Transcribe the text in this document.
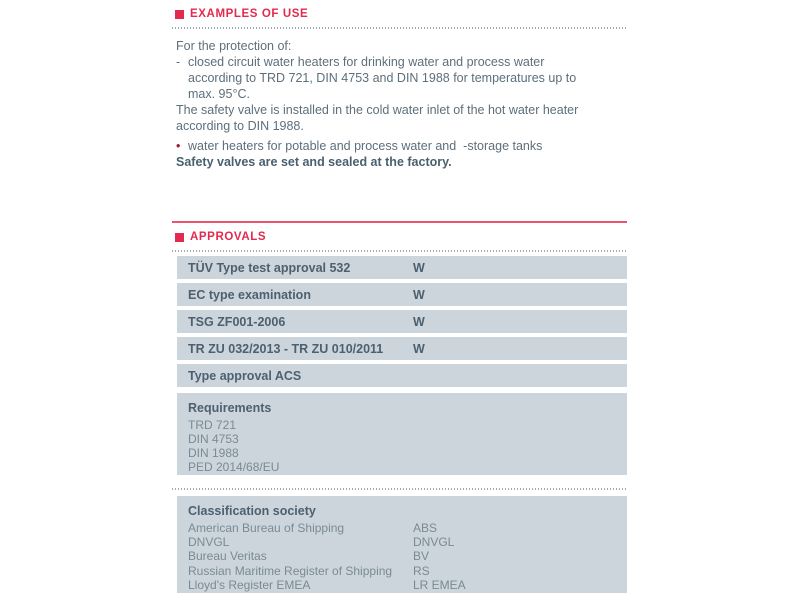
EXAMPLES OF USE
For the protection of:
- closed circuit water heaters for drinking water and process water
according to TRD 721, DIN 4753 and DIN 1988 for temperatures up to
max. 95°C.
The safety valve is installed in the cold water inlet of the hot water heater
according to DIN 1988.
• water heaters for potable and process water and  -storage tanks
Safety valves are set and sealed at the factory.
APPROVALS
TÜV Type test approval 532	W
EC type examination	W
TSG ZF001-2006	W
TR ZU 032/2013 - TR ZU 010/2011	W
Type approval ACS
Requirements
TRD 721
DIN 4753
DIN 1988
PED 2014/68/EU
Classification society
American Bureau of Shipping	ABS
DNVGL	DNVGL
Bureau Veritas	BV
Russian Maritime Register of Shipping	RS
Lloyd's Register EMEA	LR EMEA
